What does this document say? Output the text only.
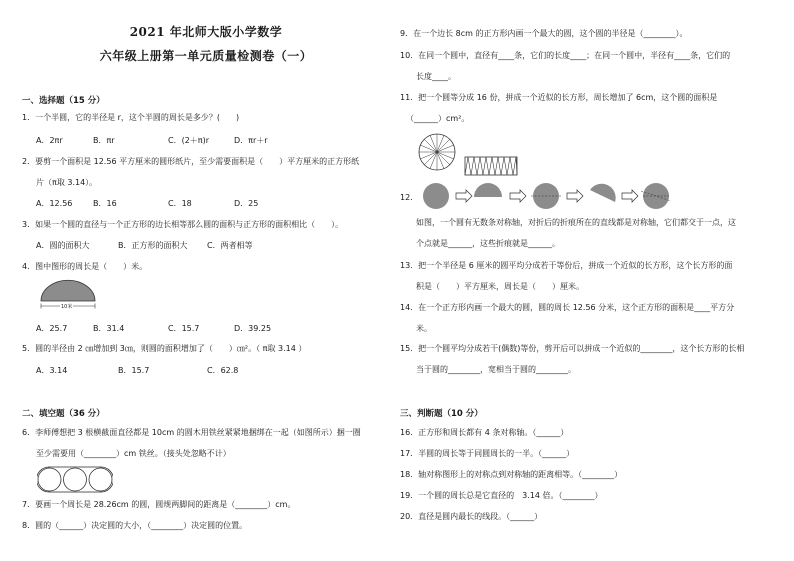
2021 年北师大版小学数学
六年级上册第一单元质量检测卷（一）
一、选择题（15 分）
1．一个半圆，它的半径是 r，这个半圆的周长是多少？(　　)
A．2πr	B．πr	C．(2＋π)r	D．πr＋r
2．要剪一个面积是 12.56 平方厘米的圆形纸片，至少需要面积是（　　）平方厘米的正方形纸
片（π取 3.14）。
A．12.56	B．16	C．18	D．25
3．如果一个圆的直径与一个正方形的边长相等那么圆的面积与正方形的面积相比（　　）。
A．圆的面积大	B．正方形的面积大 C．两者相等
4．图中图形的周长是（　　）米。
10米
A．25.7	B．31.4	C．15.7	D．39.25
5．圆的半径由 2 ㎝增加到 3㎝，则圆的面积增加了（　　）㎝²。（ π取 3.14 ）
A．3.14	B．15.7	C．62.8
二、填空题（36 分）
6．李师傅想把 3 根横截面直径都是 10cm 的圆木用铁丝紧紧地捆绑在一起（如图所示）捆一圈
至少需要用（________）cm 铁丝。（接头处忽略不计）
7．要画一个周长是 28.26cm 的圆，圆规两脚间的距离是（________）cm。
8．圆的（______）决定圆的大小，（________）决定圆的位置。
9．在一个边长 8cm 的正方形内画一个最大的圆，这个圆的半径是（________）。
10．在同一个圆中，直径有____条，它们的长度____；在同一个圆中，半径有____条，它们的
长度____。
11．把一个圆等分成 16 份，拼成一个近似的长方形，周长增加了 6cm，这个圆的面积是
（______）cm²。
12．
如图，一个圆有无数条对称轴，对折后的折痕所在的直线都是对称轴，它们都交于一点，这
个点就是______，这些折痕就是______。
13．把一个半径是 6 厘米的圆平均分成若干等份后，拼成一个近似的长方形，这个长方形的面
积是（　　）平方厘米，周长是（　　）厘米。
14．在一个正方形内画一个最大的圆，圆的周长 12.56 分米，这个正方形的面积是____平方分
米。
15．把一个圆平均分成若干(偶数)等份，剪开后可以拼成一个近似的________，这个长方形的长相
当于圆的________，宽相当于圆的________。
三、判断题（10 分）
16．正方形和周长都有 4 条对称轴。（______）
17．半圆的周长等于同圆周长的一半。（______）
18．轴对称图形上的对称点到对称轴的距离相等。（________）
19．一个圆的周长总是它直径的　3.14 倍。（________）
20．直径是圆内最长的线段。（______）
